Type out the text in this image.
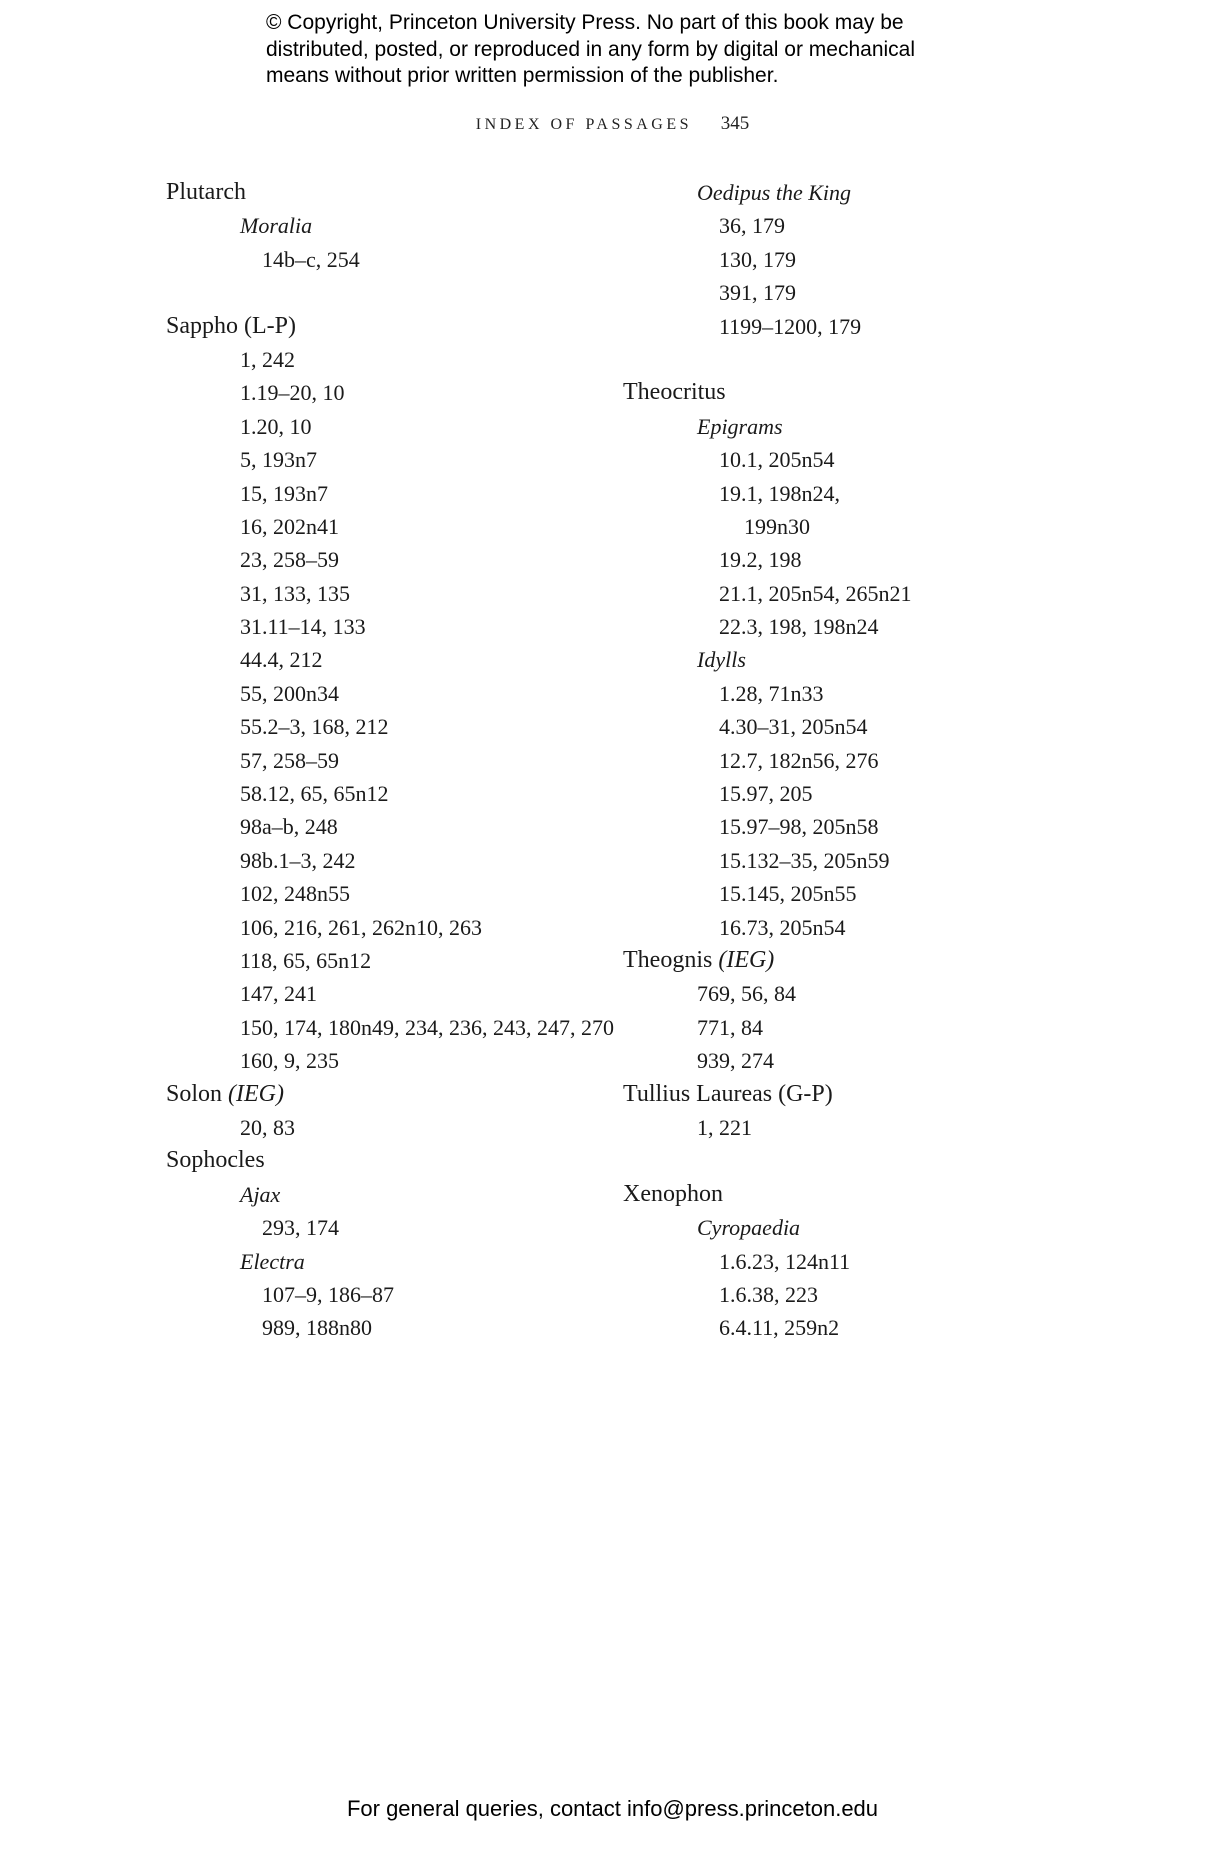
© Copyright, Princeton University Press. No part of this book may be
distributed, posted, or reproduced in any form by digital or mechanical
means without prior written permission of the publisher.
INDEX OF PASSAGES 345
Plutarch
Moralia
14b–c, 254
Sappho (L-P)
1, 242
1.19–20, 10
1.20, 10
5, 193n7
15, 193n7
16, 202n41
23, 258–59
31, 133, 135
31.11–14, 133
44.4, 212
55, 200n34
55.2–3, 168, 212
57, 258–59
58.12, 65, 65n12
98a–b, 248
98b.1–3, 242
102, 248n55
106, 216, 261, 262n10, 263
118, 65, 65n12
147, 241
150, 174, 180n49, 234, 236, 243, 247, 270
160, 9, 235
Solon (IEG)
20, 83
Sophocles
Ajax
293, 174
Electra
107–9, 186–87
989, 188n80
Oedipus the King
36, 179
130, 179
391, 179
1199–1200, 179
Theocritus
Epigrams
10.1, 205n54
19.1, 198n24,
199n30
19.2, 198
21.1, 205n54, 265n21
22.3, 198, 198n24
Idylls
1.28, 71n33
4.30–31, 205n54
12.7, 182n56, 276
15.97, 205
15.97–98, 205n58
15.132–35, 205n59
15.145, 205n55
16.73, 205n54
Theognis (IEG)
769, 56, 84
771, 84
939, 274
Tullius Laureas (G-P)
1, 221
Xenophon
Cyropaedia
1.6.23, 124n11
1.6.38, 223
6.4.11, 259n2
For general queries, contact info@press.princeton.edu
